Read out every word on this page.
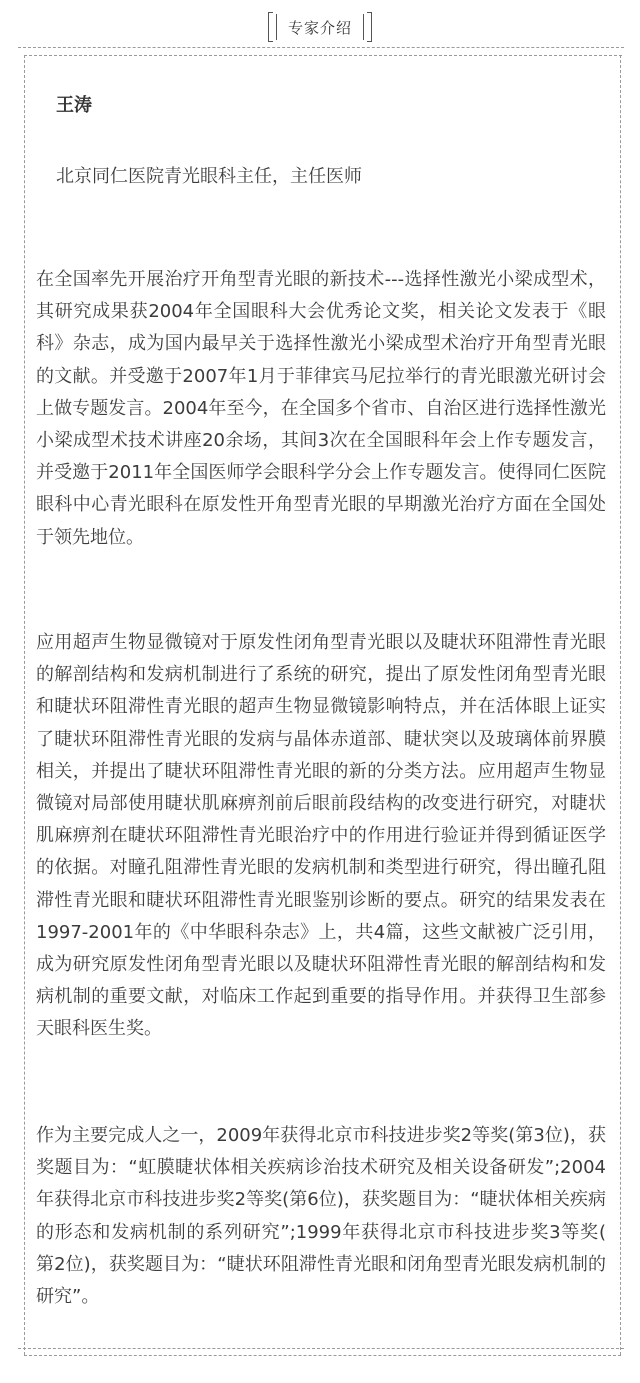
专家介绍
王涛
北京同仁医院青光眼科主任，主任医师

在全国率先开展治疗开角型青光眼的新技术---选择性激光小梁成型术，其研究成果获2004年全国眼科大会优秀论文奖，相关论文发表于《眼科》杂志，成为国内最早关于选择性激光小梁成型术治疗开角型青光眼的文献。并受邀于2007年1月于菲律宾马尼拉举行的青光眼激光研讨会上做专题发言。2004年至今，在全国多个省市、自治区进行选择性激光小梁成型术技术讲座20余场，其间3次在全国眼科年会上作专题发言，并受邀于2011年全国医师学会眼科学分会上作专题发言。使得同仁医院眼科中心青光眼科在原发性开角型青光眼的早期激光治疗方面在全国处于领先地位。

应用超声生物显微镜对于原发性闭角型青光眼以及睫状环阻滞性青光眼的解剖结构和发病机制进行了系统的研究，提出了原发性闭角型青光眼和睫状环阻滞性青光眼的超声生物显微镜影响特点，并在活体眼上证实了睫状环阻滞性青光眼的发病与晶体赤道部、睫状突以及玻璃体前界膜相关，并提出了睫状环阻滞性青光眼的新的分类方法。应用超声生物显微镜对局部使用睫状肌麻痹剂前后眼前段结构的改变进行研究，对睫状肌麻痹剂在睫状环阻滞性青光眼治疗中的作用进行验证并得到循证医学的依据。对瞳孔阻滞性青光眼的发病机制和类型进行研究，得出瞳孔阻滞性青光眼和睫状环阻滞性青光眼鉴别诊断的要点。研究的结果发表在1997-2001年的《中华眼科杂志》上，共4篇，这些文献被广泛引用，成为研究原发性闭角型青光眼以及睫状环阻滞性青光眼的解剖结构和发病机制的重要文献，对临床工作起到重要的指导作用。并获得卫生部参天眼科医生奖。

作为主要完成人之一，2009年获得北京市科技进步奖2等奖(第3位)，获奖题目为：“虹膜睫状体相关疾病诊治技术研究及相关设备研发”;2004年获得北京市科技进步奖2等奖(第6位)，获奖题目为：“睫状体相关疾病的形态和发病机制的系列研究”;1999年获得北京市科技进步奖3等奖( 第2位)，获奖题目为：“睫状环阻滞性青光眼和闭角型青光眼发病机制的研究”。
